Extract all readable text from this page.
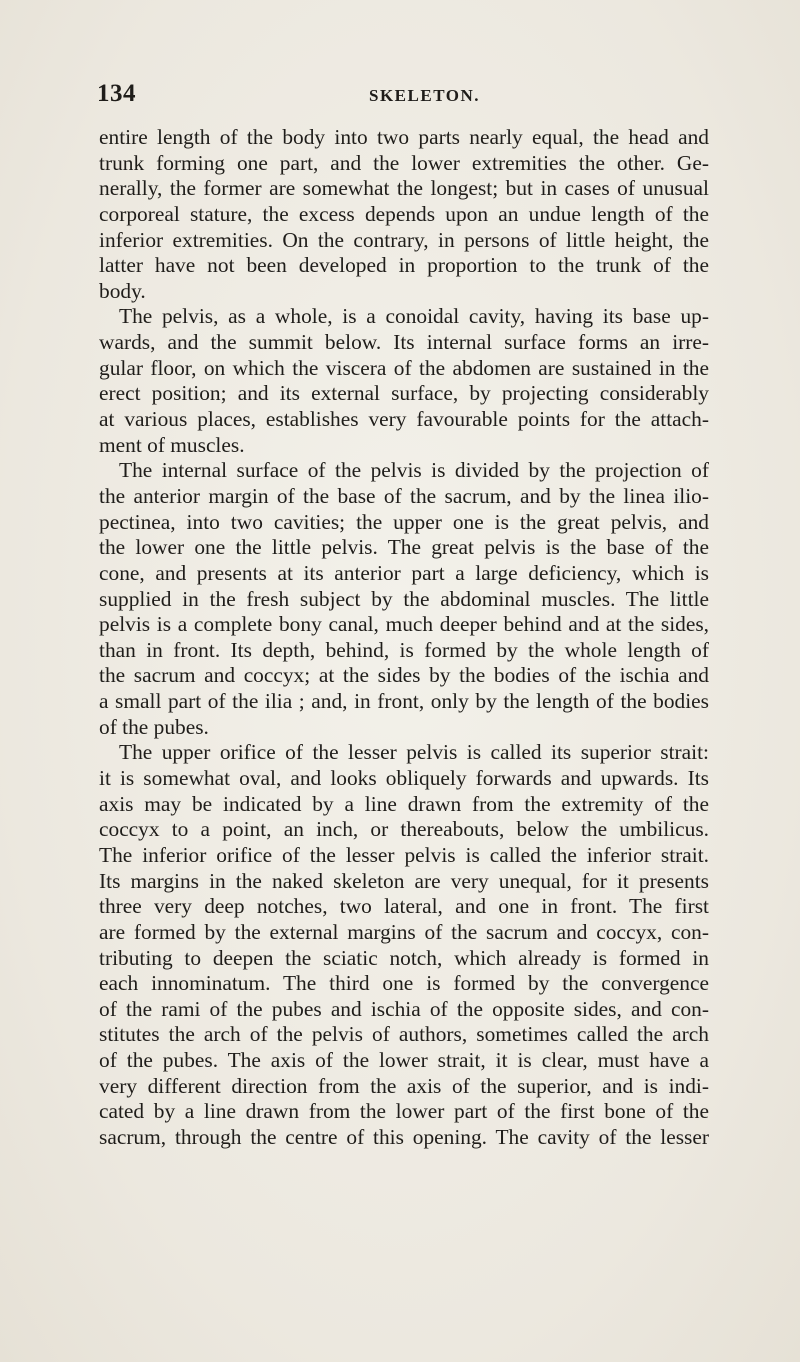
134	SKELETON.
entire length of the body into two parts nearly equal, the head and
trunk forming one part, and the lower extremities the other. Ge-
nerally, the former are somewhat the longest; but in cases of unusual
corporeal stature, the excess depends upon an undue length of the
inferior extremities. On the contrary, in persons of little height, the
latter have not been developed in proportion to the trunk of the
body.
The pelvis, as a whole, is a conoidal cavity, having its base up-
wards, and the summit below. Its internal surface forms an irre-
gular floor, on which the viscera of the abdomen are sustained in the
erect position; and its external surface, by projecting considerably
at various places, establishes very favourable points for the attach-
ment of muscles.
The internal surface of the pelvis is divided by the projection of
the anterior margin of the base of the sacrum, and by the linea ilio-
pectinea, into two cavities; the upper one is the great pelvis, and
the lower one the little pelvis. The great pelvis is the base of the
cone, and presents at its anterior part a large deficiency, which is
supplied in the fresh subject by the abdominal muscles. The little
pelvis is a complete bony canal, much deeper behind and at the sides,
than in front. Its depth, behind, is formed by the whole length of
the sacrum and coccyx; at the sides by the bodies of the ischia and
a small part of the ilia ; and, in front, only by the length of the bodies
of the pubes.
The upper orifice of the lesser pelvis is called its superior strait:
it is somewhat oval, and looks obliquely forwards and upwards. Its
axis may be indicated by a line drawn from the extremity of the
coccyx to a point, an inch, or thereabouts, below the umbilicus.
The inferior orifice of the lesser pelvis is called the inferior strait.
Its margins in the naked skeleton are very unequal, for it presents
three very deep notches, two lateral, and one in front. The first
are formed by the external margins of the sacrum and coccyx, con-
tributing to deepen the sciatic notch, which already is formed in
each innominatum. The third one is formed by the convergence
of the rami of the pubes and ischia of the opposite sides, and con-
stitutes the arch of the pelvis of authors, sometimes called the arch
of the pubes. The axis of the lower strait, it is clear, must have a
very different direction from the axis of the superior, and is indi-
cated by a line drawn from the lower part of the first bone of the
sacrum, through the centre of this opening. The cavity of the lesser
